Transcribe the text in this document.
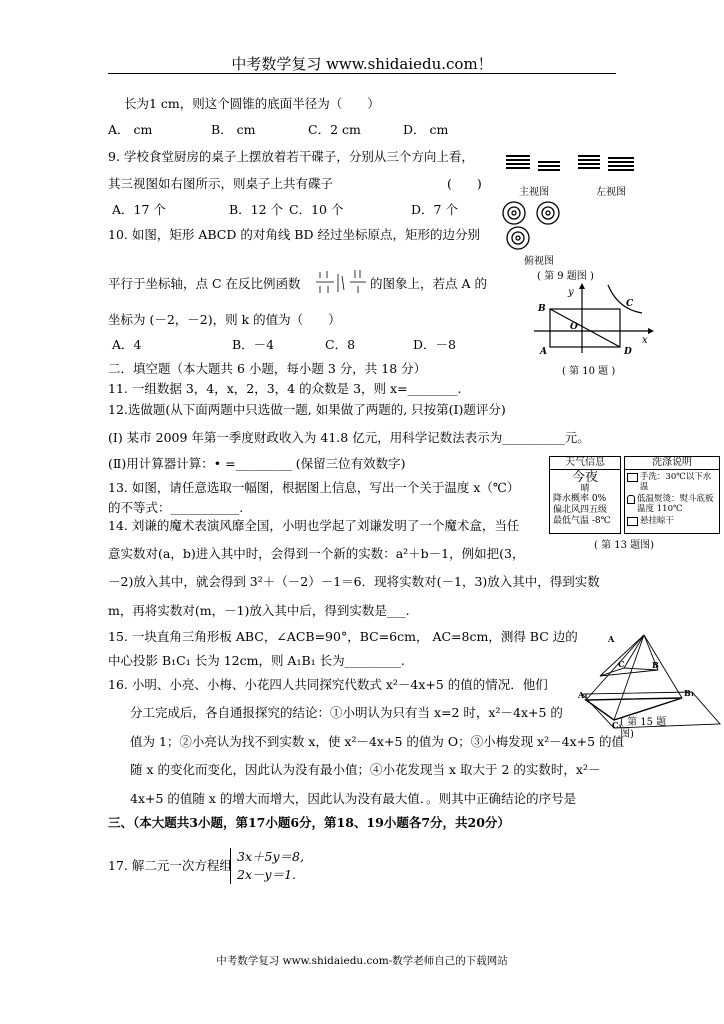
中考数学复习 www.shidaiedu.com！
长为1 cm，则这个圆锥的底面半径为（　　）
A． cm	B． cm	C．2 cm	D． cm
9. 学校食堂厨房的桌子上摆放着若干碟子，分别从三个方向上看，
其三视图如右图所示，则桌子上共有碟子	(　　)
A．17 个	B．12 个 C．10 个	D．7 个
主视图	左视图
俯视图
( 第 9 题图 )
10. 如图，矩形 ABCD 的对角线 BD 经过坐标原点，矩形的边分别
平行于坐标轴，点 C 在反比例函数	的图象上，若点 A 的
坐标为 (－2，－2)，则 k 的值为（　　）
A．4	B．－4	C．8	D．－8
y
x
B	C
O
A	D
( 第 10 题 )
二．填空题（本大题共 6 小题，每小题 3 分，共 18 分）
11. 一组数据 3，4，x，2，3，4 的众数是 3，则 x=________.
12.选做题(从下面两题中只选做一题, 如果做了两题的, 只按第(Ⅰ)题评分)
(Ⅰ) 某市 2009 年第一季度财政收入为 41.8 亿元，用科学记数法表示为__________元。
(Ⅱ)用计算器计算：• =_________ (保留三位有效数字)
13. 如图，请任意选取一幅图，根据图上信息，写出一个关于温度 x（℃）
的不等式：___________.
天气信息
今夜
晴
降水概率 0%
偏北风四五级
最低气温 -8℃
洗涤说明
手洗：30℃以下水温
低温熨烫：熨斗底板温度 110℃
悬挂晾干
( 第 13 题图)
14. 刘谦的魔术表演风靡全国，小明也学起了刘谦发明了一个魔术盒，当任
意实数对(a，b)进入其中时，会得到一个新的实数：a²＋b－1，例如把(3，
－2)放入其中，就会得到 3²＋（－2）－1＝6．现将实数对(－1，3)放入其中，得到实数
m，再将实数对(m，－1)放入其中后，得到实数是___.
15. 一块直角三角形板 ABC，∠ACB=90°，BC=6cm， AC=8cm，测得 BC 边的
中心投影 B₁C₁ 长为 12cm，则 A₁B₁ 长为_________.
A
C	B
A₁
C₁
B₁
( 第 15 题图)
16. 小明、小亮、小梅、小花四人共同探究代数式 x²－4x+5 的值的情况．他们
分工完成后，各自通报探究的结论：①小明认为只有当 x=2 时，x²－4x+5 的
值为 1；②小亮认为找不到实数 x，使 x²－4x+5 的值为 O；③小梅发现 x²－4x+5 的值
随 x 的变化而变化，因此认为没有最小值；④小花发现当 x 取大于 2 的实数时，x²－
4x+5 的值随 x 的增大而增大，因此认为没有最大值．。则其中正确结论的序号是
三、（本大题共3小题，第17小题6分，第18、19小题各7分，共20分）
17. 解二元一次方程组
3x＋5y＝8,
2x－y＝1.
中考数学复习 www.shidaiedu.com-数学老师自己的下载网站
